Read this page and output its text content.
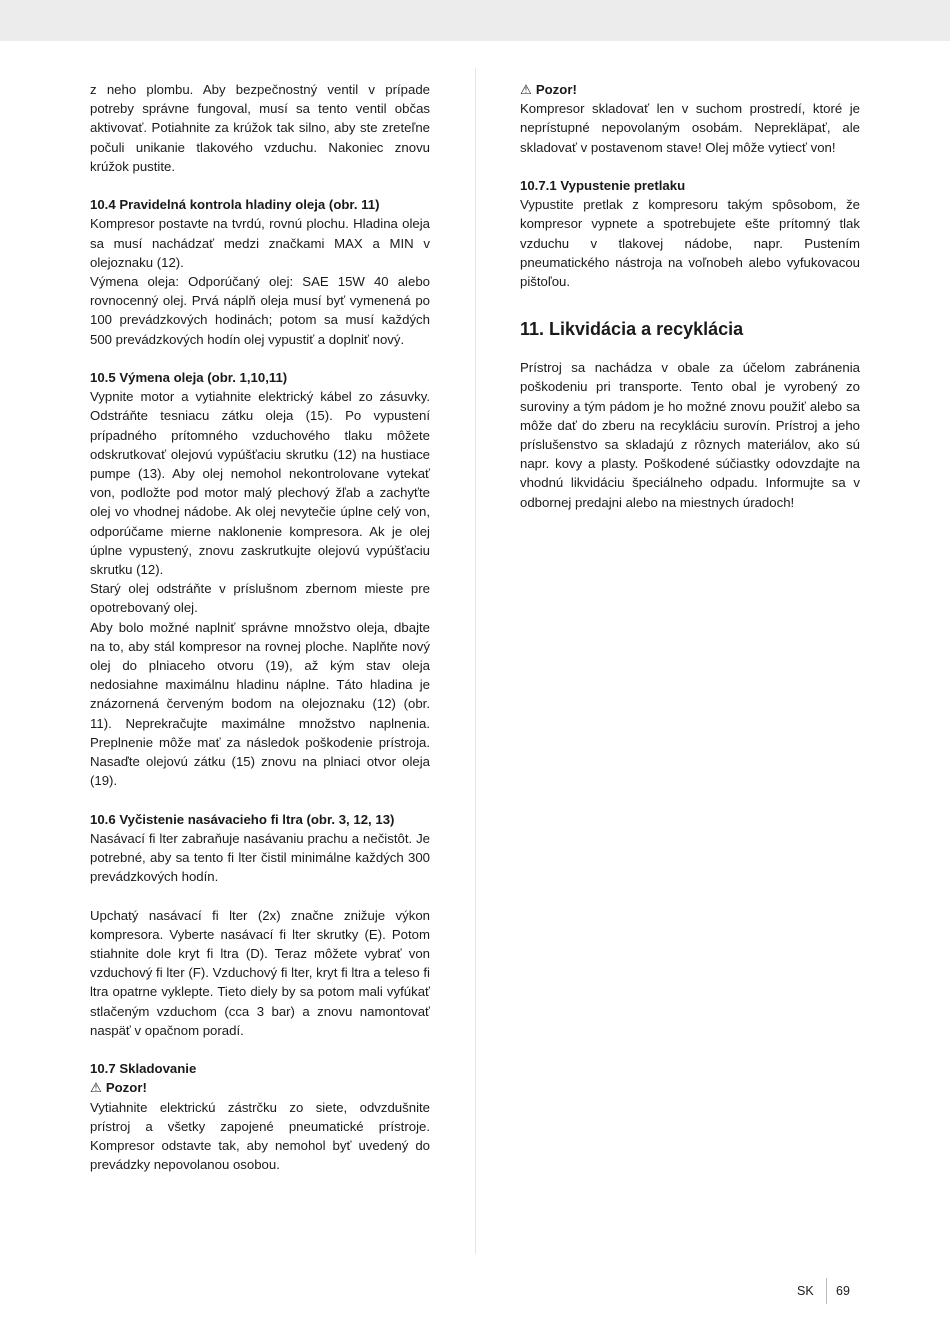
z neho plombu. Aby bezpečnostný ventil v prípade potreby správne fungoval, musí sa tento ventil občas aktivovať. Potiahnite za krúžok tak silno, aby ste zreteľne počuli unikanie tlakového vzduchu. Nakoniec znovu krúžok pustite.

10.4 Pravidelná kontrola hladiny oleja (obr. 11)

Kompresor postavte na tvrdú, rovnú plochu. Hladina oleja sa musí nachádzať medzi značkami MAX a MIN v olejoznaku (12).

Výmena oleja: Odporúčaný olej: SAE 15W 40 alebo rovnocenný olej. Prvá náplň oleja musí byť vymenená po 100 prevádzkových hodinách; potom sa musí každých 500 prevádzkových hodín olej vypustiť a doplniť nový.

10.5 Výmena oleja (obr. 1,10,11)

Vypnite motor a vytiahnite elektrický kábel zo zásuvky. Odstráňte tesniacu zátku oleja (15). Po vypustení prípadného prítomného vzduchového tlaku môžete odskrutkovať olejovú vypúšťaciu skrutku (12) na hustiace pumpe (13). Aby olej nemohol nekontrolovane vytekať von, podložte pod motor malý plechový žľab a zachyťte olej vo vhodnej nádobe. Ak olej nevytečie úplne celý von, odporúčame mierne naklonenie kompresora. Ak je olej úplne vypustený, znovu zaskrutkujte olejovú vypúšťaciu skrutku (12).

Starý olej odstráňte v príslušnom zbernom mieste pre opotrebovaný olej.

Aby bolo možné naplniť správne množstvo oleja, dbajte na to, aby stál kompresor na rovnej ploche. Naplňte nový olej do plniaceho otvoru (19), až kým stav oleja nedosiahne maximálnu hladinu náplne. Táto hladina je znázornená červeným bodom na olejoznaku (12) (obr. 11). Neprekračujte maximálne množstvo naplnenia. Preplnenie môže mať za následok poškodenie prístroja. Nasaďte olejovú zátku (15) znovu na plniaci otvor oleja (19).

10.6 Vyčistenie nasávacieho fi ltra (obr. 3, 12, 13)

Nasávací fi lter zabraňuje nasávaniu prachu a nečistôt. Je potrebné, aby sa tento fi lter čistil minimálne každých 300 prevádzkových hodín.

Upchatý nasávací fi lter (2x) značne znižuje výkon kompresora. Vyberte nasávací fi lter skrutky (E). Potom stiahnite dole kryt fi ltra (D). Teraz môžete vybrať von vzduchový fi lter (F). Vzduchový fi lter, kryt fi ltra a teleso fi ltra opatrne vyklepte. Tieto diely by sa potom mali vyfúkať stlačeným vzduchom (cca 3 bar) a znovu namontovať naspäť v opačnom poradí.

10.7 Skladovanie

⚠ Pozor!

Vytiahnite elektrickú zástrčku zo siete, odvzdušnite prístroj a všetky zapojené pneumatické prístroje. Kompresor odstavte tak, aby nemohol byť uvedený do prevádzky nepovolanou osobou.

⚠ Pozor!

Kompresor skladovať len v suchom prostredí, ktoré je neprístupné nepovolaným osobám. Neprekläpať, ale skladovať v postavenom stave! Olej môže vytiecť von!

10.7.1 Vypustenie pretlaku

Vypustite pretlak z kompresoru takým spôsobom, že kompresor vypnete a spotrebujete ešte prítomný tlak vzduchu v tlakovej nádobe, napr. Pustením pneumatického nástroja na voľnobeh alebo vyfukovacou pištoľou.

11. Likvidácia a recyklácia

Prístroj sa nachádza v obale za účelom zabránenia poškodeniu pri transporte. Tento obal je vyrobený zo suroviny a tým pádom je ho možné znovu použiť alebo sa môže dať do zberu na recykláciu surovín. Prístroj a jeho príslušenstvo sa skladajú z rôznych materiálov, ako sú napr. kovy a plasty. Poškodené súčiastky odovzdajte na vhodnú likvidáciu špeciálneho odpadu. Informujte sa v odbornej predajni alebo na miestnych úradoch!

SK 69
